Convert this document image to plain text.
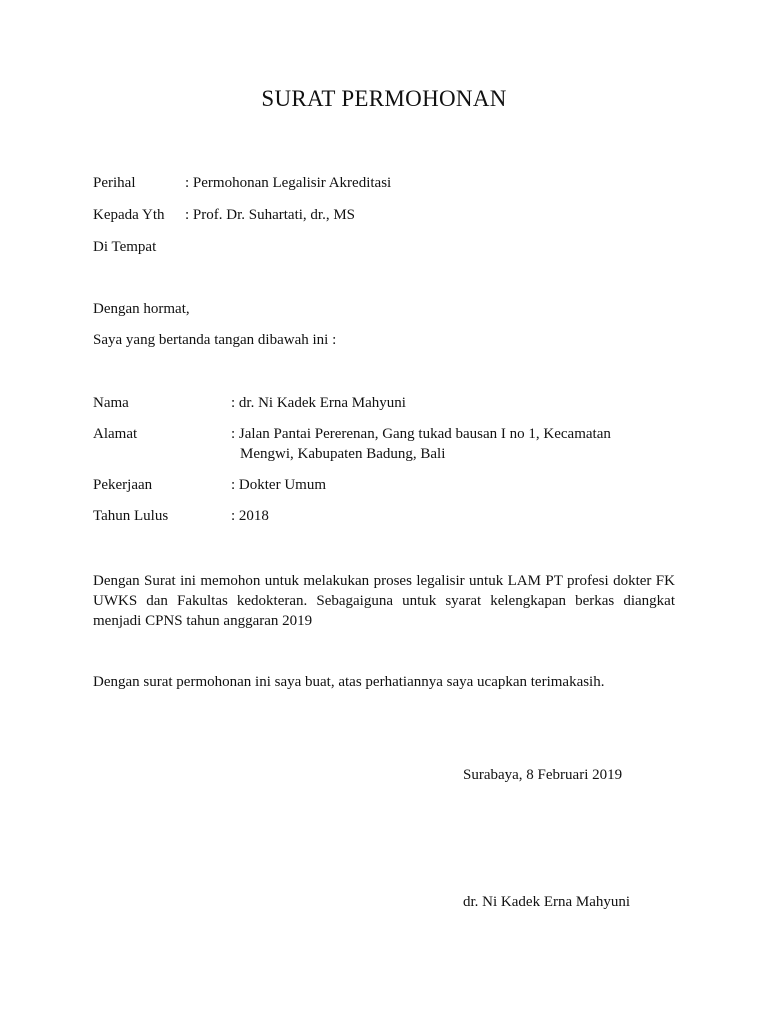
SURAT PERMOHONAN
Perihal	: Permohonan Legalisir Akreditasi
Kepada Yth : Prof. Dr. Suhartati, dr., MS
Di Tempat
Dengan hormat,
Saya yang bertanda tangan dibawah ini :
Nama	: dr. Ni Kadek Erna Mahyuni
Alamat	: Jalan Pantai Pererenan, Gang tukad bausan I no 1, Kecamatan
Mengwi, Kabupaten Badung, Bali
Pekerjaan	: Dokter Umum
Tahun Lulus	: 2018
Dengan Surat ini memohon untuk melakukan proses legalisir untuk LAM PT profesi dokter FK UWKS dan Fakultas kedokteran. Sebagaiguna untuk syarat kelengkapan berkas diangkat menjadi CPNS tahun anggaran 2019
Dengan surat permohonan ini saya buat, atas perhatiannya saya ucapkan terimakasih.
Surabaya, 8 Februari 2019
dr. Ni Kadek Erna Mahyuni
